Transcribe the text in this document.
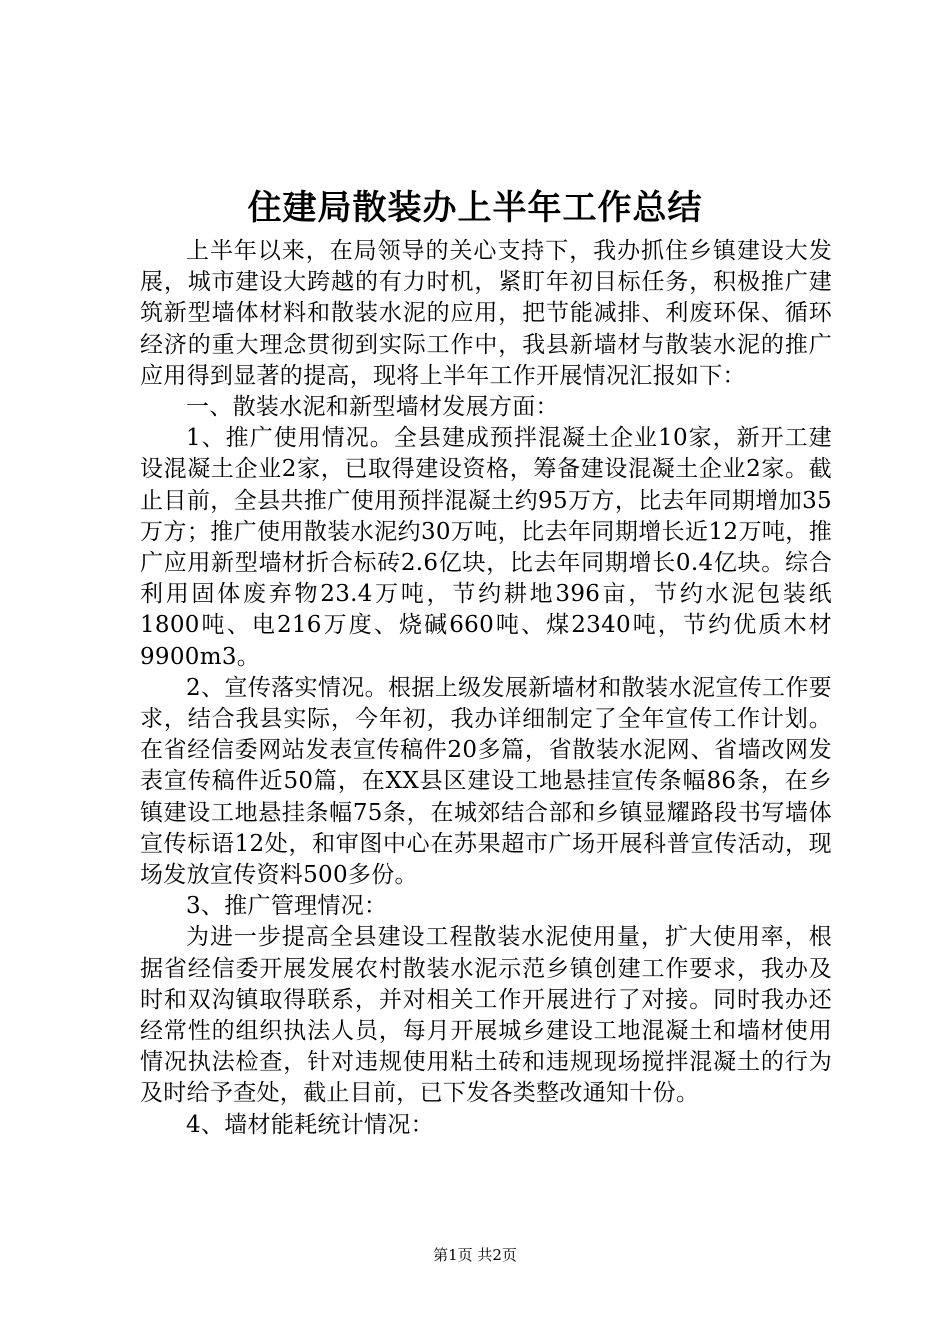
住建局散装办上半年工作总结

上半年以来，在局领导的关心支持下，我办抓住乡镇建设大发展，城市建设大跨越的有力时机，紧盯年初目标任务，积极推广建筑新型墙体材料和散装水泥的应用，把节能减排、利废环保、循环经济的重大理念贯彻到实际工作中，我县新墙材与散装水泥的推广应用得到显著的提高，现将上半年工作开展情况汇报如下：

一、散装水泥和新型墙材发展方面：

1、推广使用情况。全县建成预拌混凝土企业10家，新开工建设混凝土企业2家，已取得建设资格，筹备建设混凝土企业2家。截止目前，全县共推广使用预拌混凝土约95万方，比去年同期增加35万方；推广使用散装水泥约30万吨，比去年同期增长近12万吨，推广应用新型墙材折合标砖2.6亿块，比去年同期增长0.4亿块。综合利用固体废弃物23.4万吨，节约耕地396亩，节约水泥包装纸1800吨、电216万度、烧碱660吨、煤2340吨，节约优质木材9900m3。

2、宣传落实情况。根据上级发展新墙材和散装水泥宣传工作要求，结合我县实际，今年初，我办详细制定了全年宣传工作计划。在省经信委网站发表宣传稿件20多篇，省散装水泥网、省墙改网发表宣传稿件近50篇，在XX县区建设工地悬挂宣传条幅86条，在乡镇建设工地悬挂条幅75条，在城郊结合部和乡镇显耀路段书写墙体宣传标语12处，和审图中心在苏果超市广场开展科普宣传活动，现场发放宣传资料500多份。

3、推广管理情况：

为进一步提高全县建设工程散装水泥使用量，扩大使用率，根据省经信委开展发展农村散装水泥示范乡镇创建工作要求，我办及时和双沟镇取得联系，并对相关工作开展进行了对接。同时我办还经常性的组织执法人员，每月开展城乡建设工地混凝土和墙材使用情况执法检查，针对违规使用粘土砖和违规现场搅拌混凝土的行为及时给予查处，截止目前，已下发各类整改通知十份。

4、墙材能耗统计情况：

第1页 共2页
